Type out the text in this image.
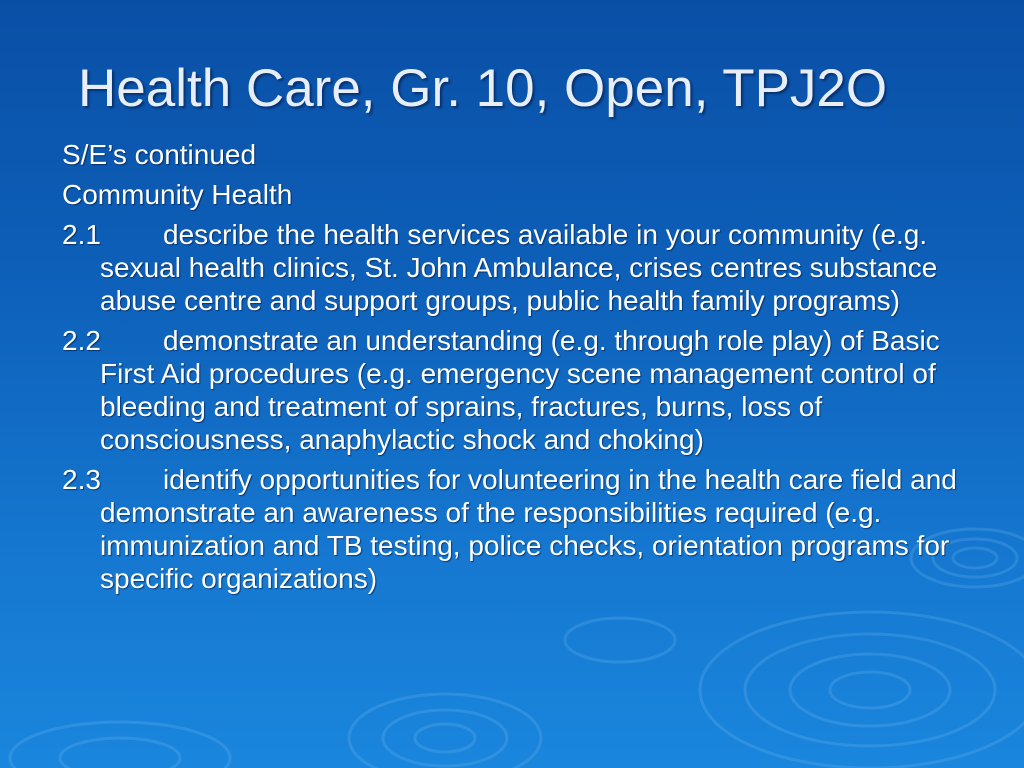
Health Care, Gr. 10, Open, TPJ2O

S/E’s continued

Community Health

2.1 describe the health services available in your community (e.g. sexual health clinics, St. John Ambulance, crises centres substance abuse centre and support groups, public health family programs)

2.2 demonstrate an understanding (e.g. through role play) of Basic First Aid procedures (e.g. emergency scene management control of bleeding and treatment of sprains, fractures, burns, loss of consciousness, anaphylactic shock and choking)

2.3 identify opportunities for volunteering in the health care field and demonstrate an awareness of the responsibilities required (e.g. immunization and TB testing, police checks, orientation programs for specific organizations)
